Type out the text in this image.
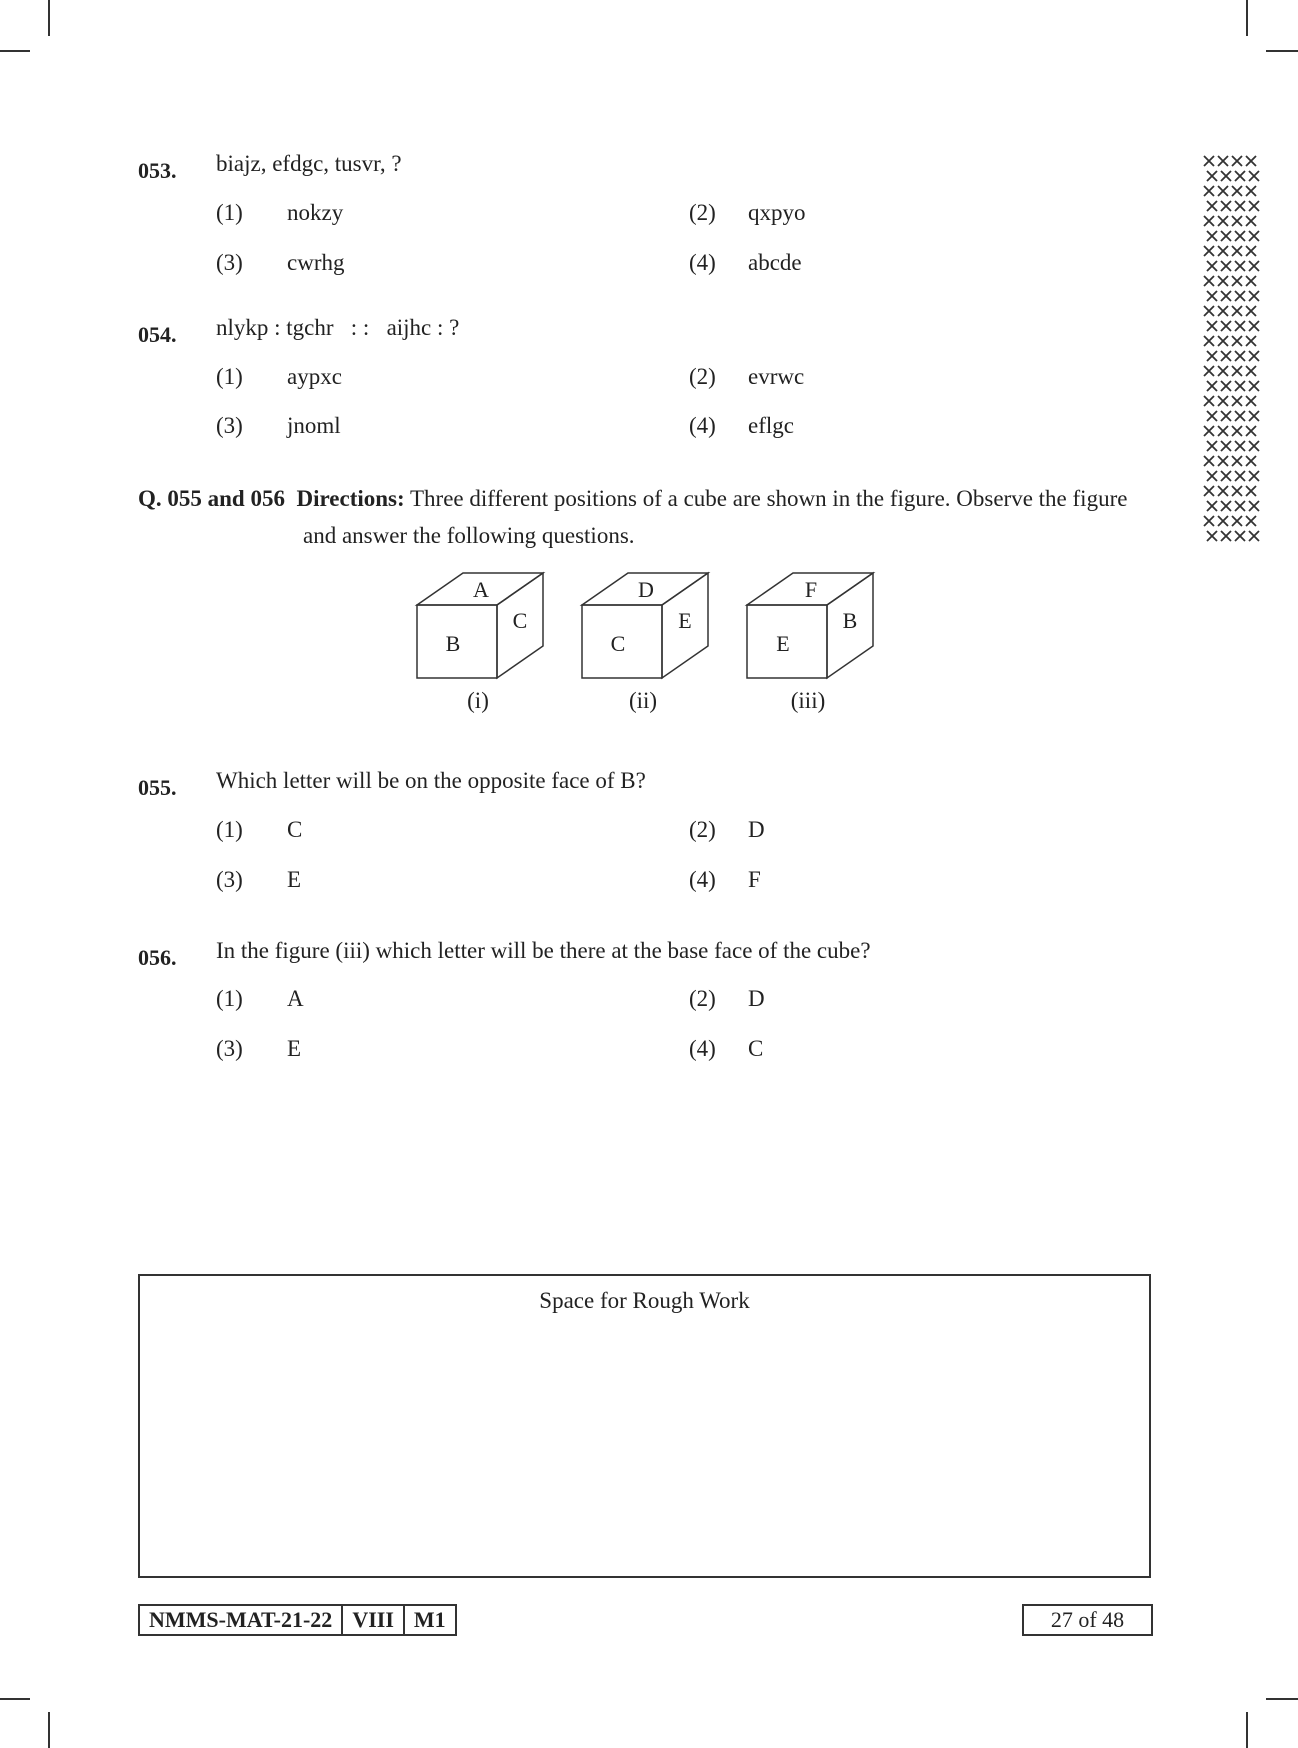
053. biajz, efdgc, tusvr, ?
(1) nokzy	(2) qxpyo
(3) cwrhg	(4) abcde
054. nlykp : tgchr   : :   aijhc : ?
(1) aypxc	(2) evrwc
(3) jnoml	(4) eflgc
Q. 055 and 056 Directions: Three different positions of a cube are shown in the figure. Observe the figure
and answer the following questions.
A
B
C
(i)
D
C
E
(ii)
F
E
B
(iii)
055. Which letter will be on the opposite face of B?
(1) C	(2) D
(3) E	(4) F
056. In the figure (iii) which letter will be there at the base face of the cube?
(1) A	(2) D
(3) E	(4) C
Space for Rough Work
NMMS-MAT-21-22 VIII M1	27 of 48
